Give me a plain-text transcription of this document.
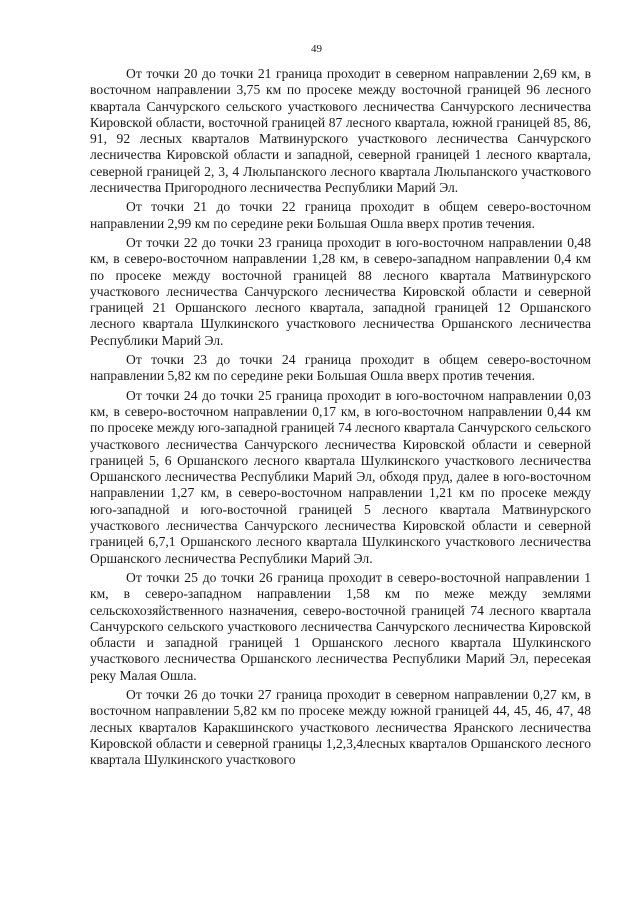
49

От точки 20 до точки 21 граница проходит в северном направлении 2,69 км, в восточном направлении 3,75 км по просеке между восточной границей 96 лесного квартала Санчурского сельского участкового лесничества Санчурского лесничества Кировской области, восточной границей 87 лесного квартала, южной границей 85, 86, 91, 92 лесных кварталов Матвинурского участкового лесничества Санчурского лесничества Кировской области и западной, северной границей 1 лесного квартала, северной границей 2, 3, 4 Люльпанского лесного квартала Люльпанского участкового лесничества Пригородного лесничества Республики Марий Эл.

От точки 21 до точки 22 граница проходит в общем северо-восточном направлении 2,99 км по середине реки Большая Ошла вверх против течения.

От точки 22 до точки 23 граница проходит в юго-восточном направлении 0,48 км, в северо-восточном направлении 1,28 км, в северо-западном направлении 0,4 км по просеке между восточной границей 88 лесного квартала Матвинурского участкового лесничества Санчурского лесничества Кировской области и северной границей 21 Оршанского лесного квартала, западной границей 12 Оршанского лесного квартала Шулкинского участкового лесничества Оршанского лесничества Республики Марий Эл.

От точки 23 до точки 24 граница проходит в общем северо-восточном направлении 5,82 км по середине реки Большая Ошла вверх против течения.

От точки 24 до точки 25 граница проходит в юго-восточном направлении 0,03 км, в северо-восточном направлении 0,17 км, в юго-восточном направлении 0,44 км по просеке между юго-западной границей 74 лесного квартала Санчурского сельского участкового лесничества Санчурского лесничества Кировской области и северной границей 5, 6 Оршанского лесного квартала Шулкинского участкового лесничества Оршанского лесничества Республики Марий Эл, обходя пруд, далее в юго-восточном направлении 1,27 км, в северо-восточном направлении 1,21 км по просеке между юго-западной и юго-восточной границей 5 лесного квартала Матвинурского участкового лесничества Санчурского лесничества Кировской области и северной границей 6,7,1 Оршанского лесного квартала Шулкинского участкового лесничества Оршанского лесничества Республики Марий Эл.

От точки 25 до точки 26 граница проходит в северо-восточной направлении 1 км, в северо-западном направлении 1,58 км по меже между землями сельскохозяйственного назначения, северо-восточной границей 74 лесного квартала Санчурского сельского участкового лесничества Санчурского лесничества Кировской области и западной границей 1 Оршанского лесного квартала Шулкинского участкового лесничества Оршанского лесничества Республики Марий Эл, пересекая реку Малая Ошла.

От точки 26 до точки 27 граница проходит в северном направлении 0,27 км, в восточном направлении 5,82 км по просеке между южной границей 44, 45, 46, 47, 48 лесных кварталов Каракшинского участкового лесничества Яранского лесничества Кировской области и северной границы 1,2,3,4лесных кварталов Оршанского лесного квартала Шулкинского участкового
